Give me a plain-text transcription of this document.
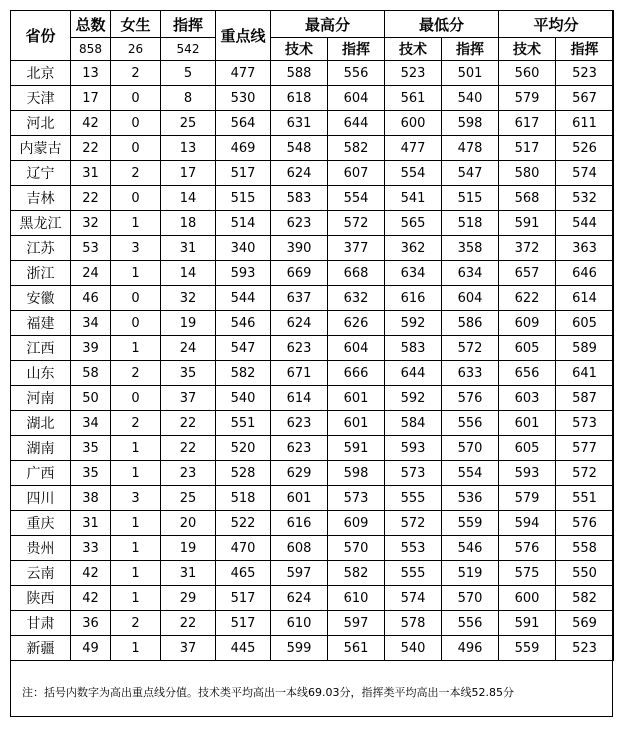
省份	总数	女生	指挥	重点线	最高分		最低分		平均分	
	858	26	542		技术	指挥	技术	指挥	技术	指挥
北京	13	2	5	477	588	556	523	501	560	523
天津	17	0	8	530	618	604	561	540	579	567
河北	42	0	25	564	631	644	600	598	617	611
内蒙古	22	0	13	469	548	582	477	478	517	526
辽宁	31	2	17	517	624	607	554	547	580	574
吉林	22	0	14	515	583	554	541	515	568	532
黑龙江	32	1	18	514	623	572	565	518	591	544
江苏	53	3	31	340	390	377	362	358	372	363
浙江	24	1	14	593	669	668	634	634	657	646
安徽	46	0	32	544	637	632	616	604	622	614
福建	34	0	19	546	624	626	592	586	609	605
江西	39	1	24	547	623	604	583	572	605	589
山东	58	2	35	582	671	666	644	633	656	641
河南	50	0	37	540	614	601	592	576	603	587
湖北	34	2	22	551	623	601	584	556	601	573
湖南	35	1	22	520	623	591	593	570	605	577
广西	35	1	23	528	629	598	573	554	593	572
四川	38	3	25	518	601	573	555	536	579	551
重庆	31	1	20	522	616	609	572	559	594	576
贵州	33	1	19	470	608	570	553	546	576	558
云南	42	1	31	465	597	582	555	519	575	550
陕西	42	1	29	517	624	610	574	570	600	582
甘肃	36	2	22	517	610	597	578	556	591	569
新疆	49	1	37	445	599	561	540	496	559	523
注：括号内数字为高出重点线分值。技术类平均高出一本线69.03分，指挥类平均高出一本线52.85分
